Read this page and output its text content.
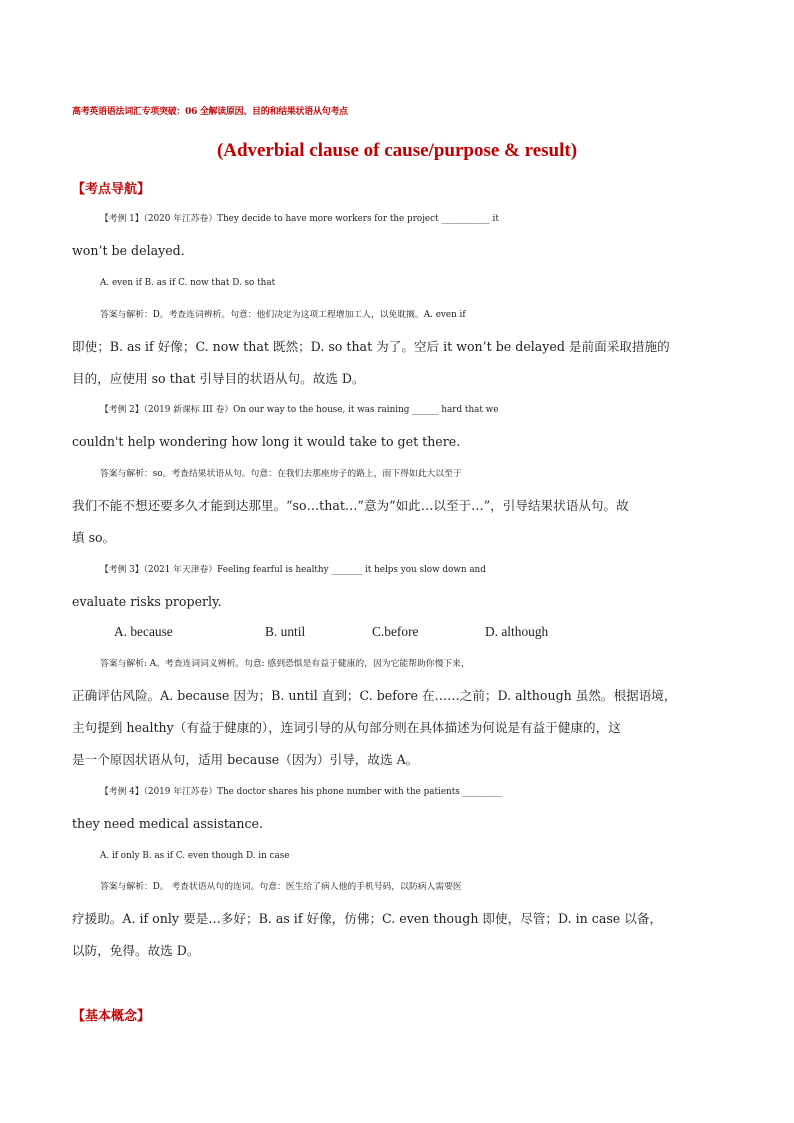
高考英语语法词汇专项突破：06 全解读原因、目的和结果状语从句考点
(Adverbial clause of cause/purpose & result)
【考点导航】
【考例 1】（2020 年江苏卷）They decide to have more workers for the project ___________ it
won’t be delayed.
A. even if B. as if C. now that D. so that
答案与解析：D。考查连词辨析。句意：他们决定为这项工程增加工人，以免耽搁。A. even if
即使；B. as if 好像；C. now that 既然；D. so that 为了。空后 it won’t be delayed 是前面采取措施的
目的，应使用 so that 引导目的状语从句。故选 D。
【考例 2】（2019 新课标 III 卷）On our way to the house, it was raining ______ hard that we
couldn't help wondering how long it would take to get there.
答案与解析：so。考查结果状语从句。句意：在我们去那座房子的路上，雨下得如此大以至于
我们不能不想还要多久才能到达那里。“so…that…”意为“如此…以至于…”，引导结果状语从句。故
填 so。
【考例 3】（2021 年天津卷）Feeling fearful is healthy _______ it helps you slow down and
evaluate risks properly.
A. because	B. until	C.before	D. although
答案与解析: A。考查连词词义辨析。句意: 感到恐惧是有益于健康的，因为它能帮助你慢下来，
正确评估风险。A. because 因为；B. until 直到；C. before 在……之前；D. although 虽然。根据语境，
主句提到 healthy（有益于健康的），连词引导的从句部分则在具体描述为何说是有益于健康的，这
是一个原因状语从句，适用 because（因为）引导，故选 A。
【考例 4】（2019 年江苏卷）The doctor shares his phone number with the patients _________
they need medical assistance.
A. if only B. as if C. even though D. in case
答案与解析：D。 考查状语从句的连词。句意：医生给了病人他的手机号码，以防病人需要医
疗援助。A. if only 要是…多好；B. as if 好像，仿佛；C. even though 即使，尽管；D. in case 以备，
以防，免得。故选 D。
【基本概念】
